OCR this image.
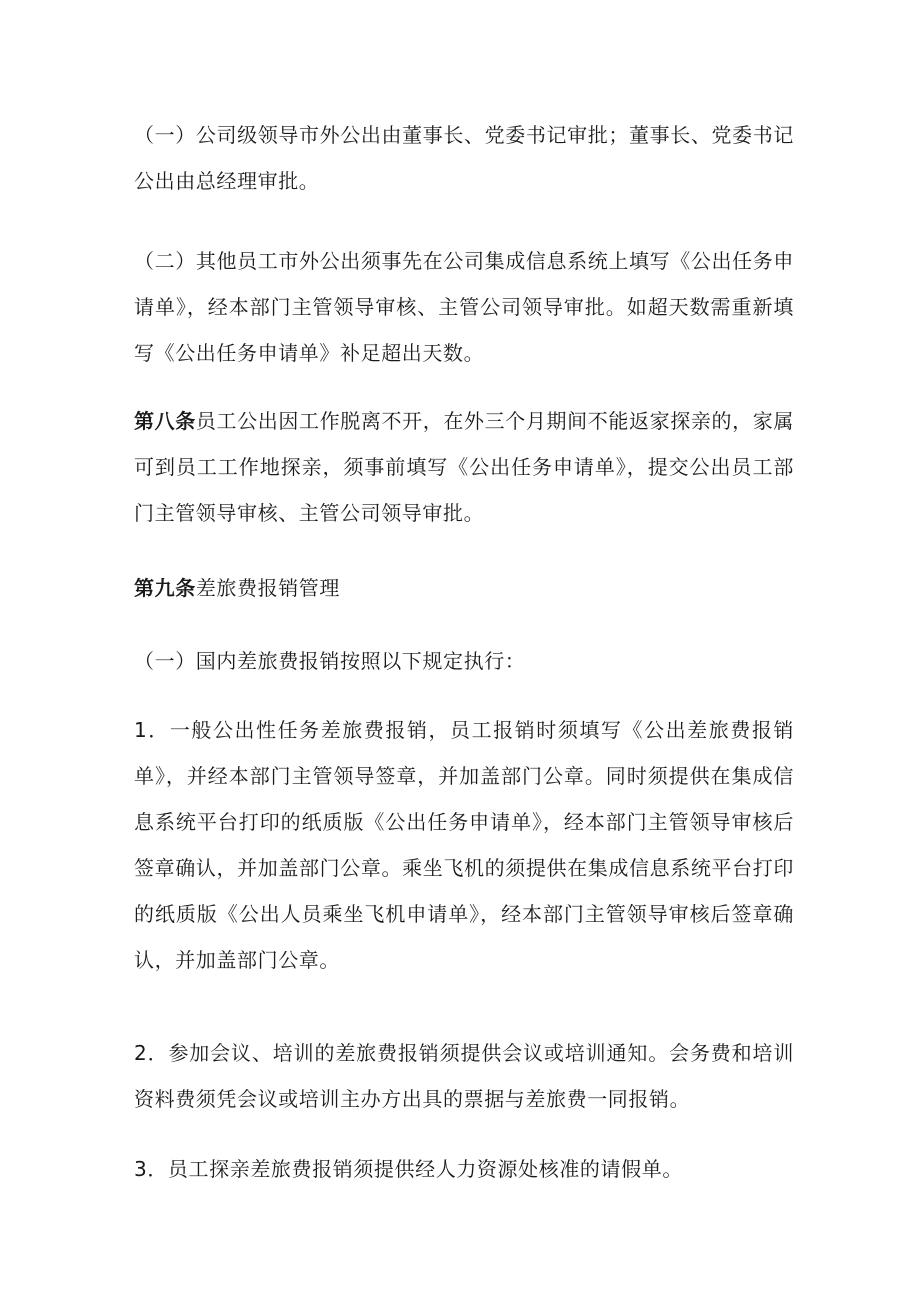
（一）公司级领导市外公出由董事长、党委书记审批；董事长、党委书记公出由总经理审批。

（二）其他员工市外公出须事先在公司集成信息系统上填写《公出任务申请单》，经本部门主管领导审核、主管公司领导审批。如超天数需重新填写《公出任务申请单》补足超出天数。

第八条员工公出因工作脱离不开，在外三个月期间不能返家探亲的，家属可到员工工作地探亲，须事前填写《公出任务申请单》，提交公出员工部门主管领导审核、主管公司领导审批。

第九条差旅费报销管理

（一）国内差旅费报销按照以下规定执行：

1．一般公出性任务差旅费报销，员工报销时须填写《公出差旅费报销单》，并经本部门主管领导签章，并加盖部门公章。同时须提供在集成信息系统平台打印的纸质版《公出任务申请单》，经本部门主管领导审核后签章确认，并加盖部门公章。乘坐飞机的须提供在集成信息系统平台打印的纸质版《公出人员乘坐飞机申请单》，经本部门主管领导审核后签章确认，并加盖部门公章。

2．参加会议、培训的差旅费报销须提供会议或培训通知。会务费和培训资料费须凭会议或培训主办方出具的票据与差旅费一同报销。

3．员工探亲差旅费报销须提供经人力资源处核准的请假单。
